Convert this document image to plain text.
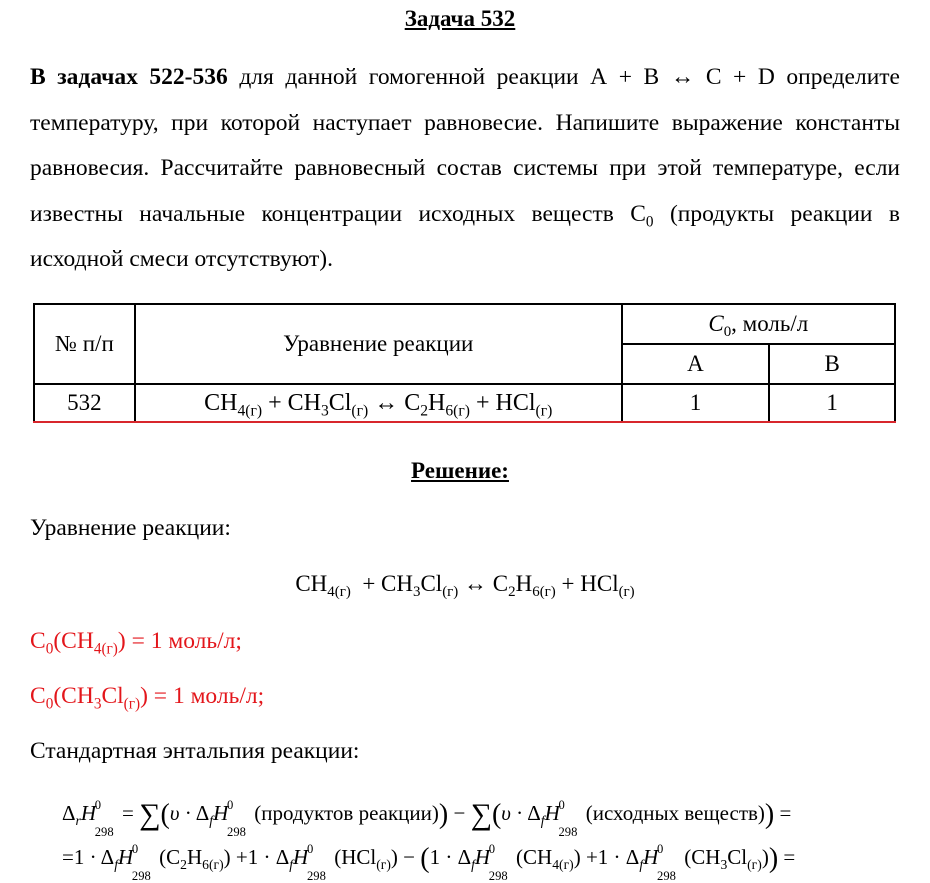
Задача 532
В задачах 522-536 для данной гомогенной реакции А + В ↔ С + D определите температуру, при которой наступает равновесие. Напишите выражение константы равновесия. Рассчитайте равновесный состав системы при этой температуре, если известны начальные концентрации исходных веществ $С_0$ (продукты реакции в исходной смеси отсутствуют).
№ п/п	Уравнение реакции	$C_0$, моль/л	
		А	В
532	$CH_{4(г)} + CH_3Cl_{(г)}$ ↔ $C_2H_{6(г)} + HCl_{(г)}$	1	1
Решение:
Уравнение реакции:
$CH_{4(г)} + CH_3Cl_{(г)}$ ↔ $C_2H_{6(г)} + HCl_{(г)}$
$C_0(CH_{4(г)}) = 1$ моль/л;
$C_0(CH_3Cl_{(г)}) = 1$ моль/л;
Стандартная энтальпия реакции:
$\Delta_rH$
0
298
= $\sum(\upsilon \cdot \Delta_fH$
0
298
(продуктов реакции)) − $\sum(\upsilon \cdot \Delta_fH$
0
298
(исходных веществ)) =
$=1 \cdot \Delta_fH$
0
298
$(C_2H_{6(г)}) +1 \cdot \Delta_fH$
0
298
$(HCl_{(г)}) - (1 \cdot \Delta_fH$
0
298
$(CH_{4(г)}) +1 \cdot \Delta_fH$
0
298
$(CH_3Cl_{(г)})$) =
